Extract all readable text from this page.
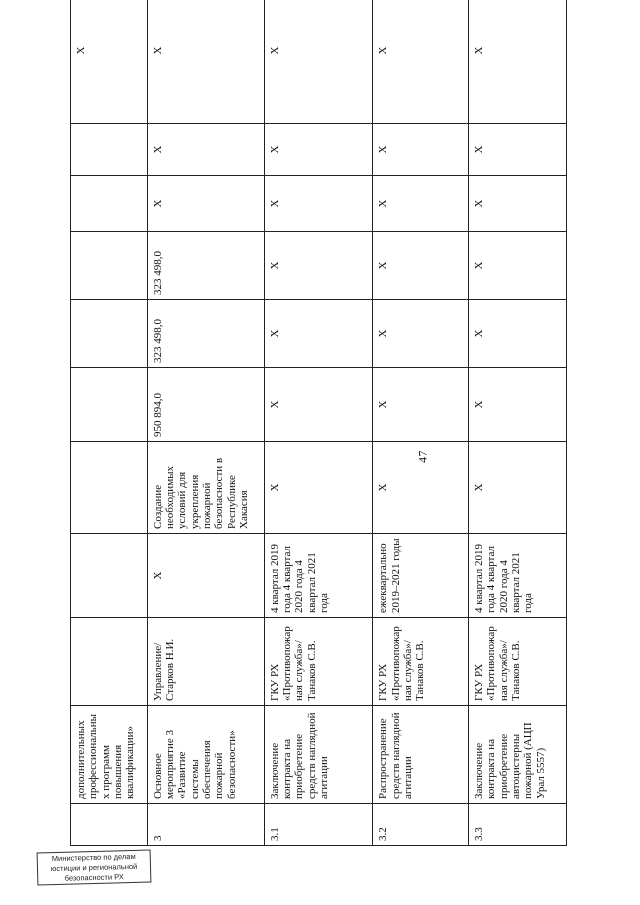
47
	дополнительных профессиональных программ повышения квалификации»									Х
3	Основное мероприятие 3 «Развитие системы обеспечения пожарной безопасности»	Управление/ Старков Н.И.	Х	Создание необходимых условий для укрепления пожарной безопасности в Республике Хакасия	950 894,0	323 498,0	323 498,0	Х	Х	Х
3.1	Заключение контракта на приобретение средств наглядной агитации	ГКУ РХ «Противопожарная служба»/ Танаков С.В.	4 квартал 2019 года 4 квартал 2020 года 4 квартал 2021 года	Х	Х	Х	Х	Х	Х	Х
3.2	Распространение средств наглядной агитации	ГКУ РХ «Противопожарная служба»/ Танаков С.В.	ежеквартально 2019–2021 годы	Х	Х	Х	Х	Х	Х	Х
3.3	Заключение контракта на приобретение автоцистерны пожарной (АЦП Урал 5557)	ГКУ РХ «Противопожарная служба»/ Танаков С.В.	4 квартал 2019 года 4 квартал 2020 года 4 квартал 2021 года	Х	Х	Х	Х	Х	Х	Х
Министерство по делам
юстиции и региональной
безопасности РХ
